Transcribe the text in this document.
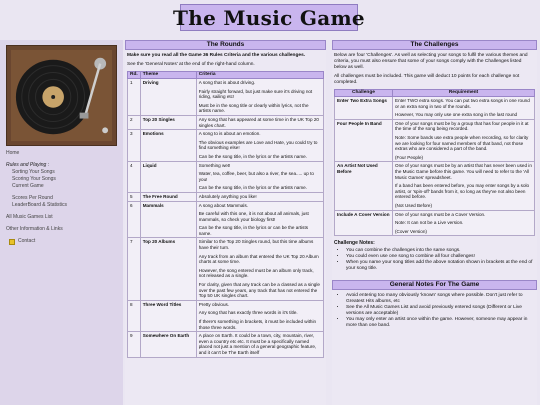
The Music Game
Home
Rules and Playing :
Sorting Your Songs
Scoring Your Songs
Current Game
Scores Per Round
LeaderBoard & Statistics
All Music Games List
Other Information & Links
Contact
The Rounds
Make sure you read all the Game 36 Rules Criteria and the various challenges.
See the 'General Notes' at the end of the right-hand column.
Rd.	Theme	Criteria
1	Driving	A song that is about driving.
Fairly straight forward, but just make sure it's driving not riding, sailing etc!
Must be in the song title or clearly within lyrics, not the artists name.

2	Top 20 Singles	Any song that has appeared at some time in the UK Top 20 singles chart.

3	Emotions	A song to is about an emotion.
The obvious examples are Love and Hate, you could try to find something else!
Can be the song title, in the lyrics or the artists name.

4	Liquid	Something wet!
Water, tea, coffee, beer, but also a river, the sea..... up to you!
Can be the song title, in the lyrics or the artists name.

5	The Free Round	Absolutely anything you like!

6	Mammals	A song about Mammals.
Be careful with this one, it is not about all animals, just mammals, so check your biology first!
Can be the song title, in the lyrics or can be the artists name.

7	Top 20 Albums	Similar to the Top 20 Singles round, but this time albums have their turn.
Any track from an album that entered the UK Top 20 Album charts at some time.
However, the song entered must be an album only track, not released as a single.
For clarity, given that any track can be a classed as a single over the past few years, any track that has not entered the Top 50 UK singles chart.

8	Three Word Titles	Pretty obvious.
Any song that has exactly three words in it's title.
If there's something in brackets, it must be included within those three words.

9	Somewhere On Earth	A place on Earth. It could be a town, city, mountain, river, even a country etc etc. It must be a specifically named placed not just a mention of a general geographic feature, and it can't be The Earth itself
The Challenges
Below are four 'Challenges'. As well as selecting your songs to fulfil the various themes and criteria, you must also ensure that some of your songs comply with the Challenges listed below as well.
All challenges must be included. This game will deduct 10 points for each challenge not completed.
Challenge	Requirement
Enter Two Extra Songs	Enter TWO extra songs. You can put two extra songs in one round or an extra song in two of the rounds.
However, You may only use one extra song in the last round

Four People In Band	One of your songs must be by a group that has four people in it at the time of the song being recorded.
Note: Some bands use extra people when recording, so for clarity we are looking for four named members of that band, not those extras who are considered a part of the band.
(Four People)

An Artist Not Used Before	One of your songs must be by an artist that has never been used in the Music Game before this game. You will need to refer to the 'All Music Games' spreadsheet.
If a band has been entered before, you may enter songs by a solo artist, or 'spin-off' bands from it, so long as they've not also been entered before.
(Not Used Before)

Include A Cover Version	One of your songs must be a Cover Version.
Note: It can not be a Live version.
(Cover Version)
Challenge Notes:
• You can combine the challenges into the same songs.
• You could even use one song to combine all four challenges!
• When you name your song titles add the above notation shown in brackets at the end of your song title.
General Notes For The Game
• Avoid entering too many obviously 'known' songs where possible. Don't just refer to Greatest Hits albums, etc
• See the All Music Games List and avoid previously entered songs (Different or Live versions are acceptable)
• You may only enter an artist once within the game. However, someone may appear in more than one band.
